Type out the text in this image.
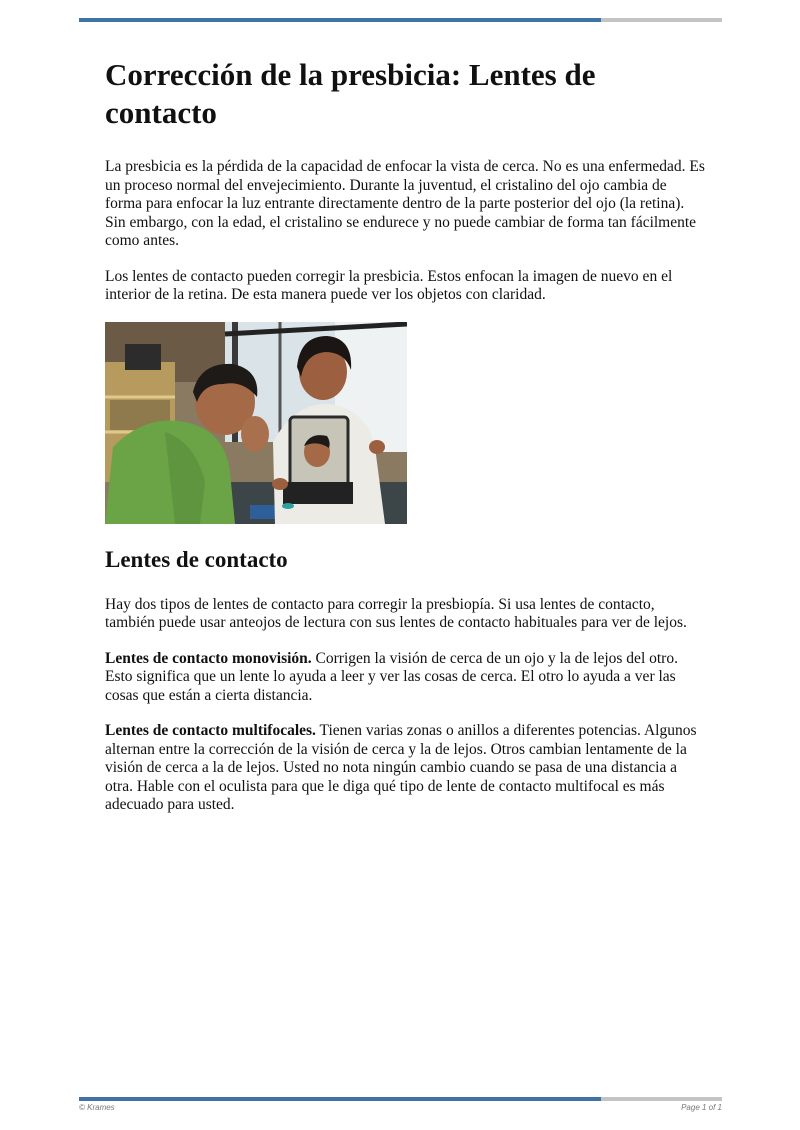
Corrección de la presbicia: Lentes de contacto

La presbicia es la pérdida de la capacidad de enfocar la vista de cerca. No es una enfermedad. Es un proceso normal del envejecimiento. Durante la juventud, el cristalino del ojo cambia de forma para enfocar la luz entrante directamente dentro de la parte posterior del ojo (la retina). Sin embargo, con la edad, el cristalino se endurece y no puede cambiar de forma tan fácilmente como antes.

Los lentes de contacto pueden corregir la presbicia. Estos enfocan la imagen de nuevo en el interior de la retina. De esta manera puede ver los objetos con claridad.

Lentes de contacto

Hay dos tipos de lentes de contacto para corregir la presbiopía. Si usa lentes de contacto, también puede usar anteojos de lectura con sus lentes de contacto habituales para ver de lejos.

Lentes de contacto monovisión. Corrigen la visión de cerca de un ojo y la de lejos del otro. Esto significa que un lente lo ayuda a leer y ver las cosas de cerca. El otro lo ayuda a ver las cosas que están a cierta distancia.

Lentes de contacto multifocales. Tienen varias zonas o anillos a diferentes potencias. Algunos alternan entre la corrección de la visión de cerca y la de lejos. Otros cambian lentamente de la visión de cerca a la de lejos. Usted no nota ningún cambio cuando se pasa de una distancia a otra. Hable con el oculista para que le diga qué tipo de lente de contacto multifocal es más adecuado para usted.

© Krames	Page 1 of 1
